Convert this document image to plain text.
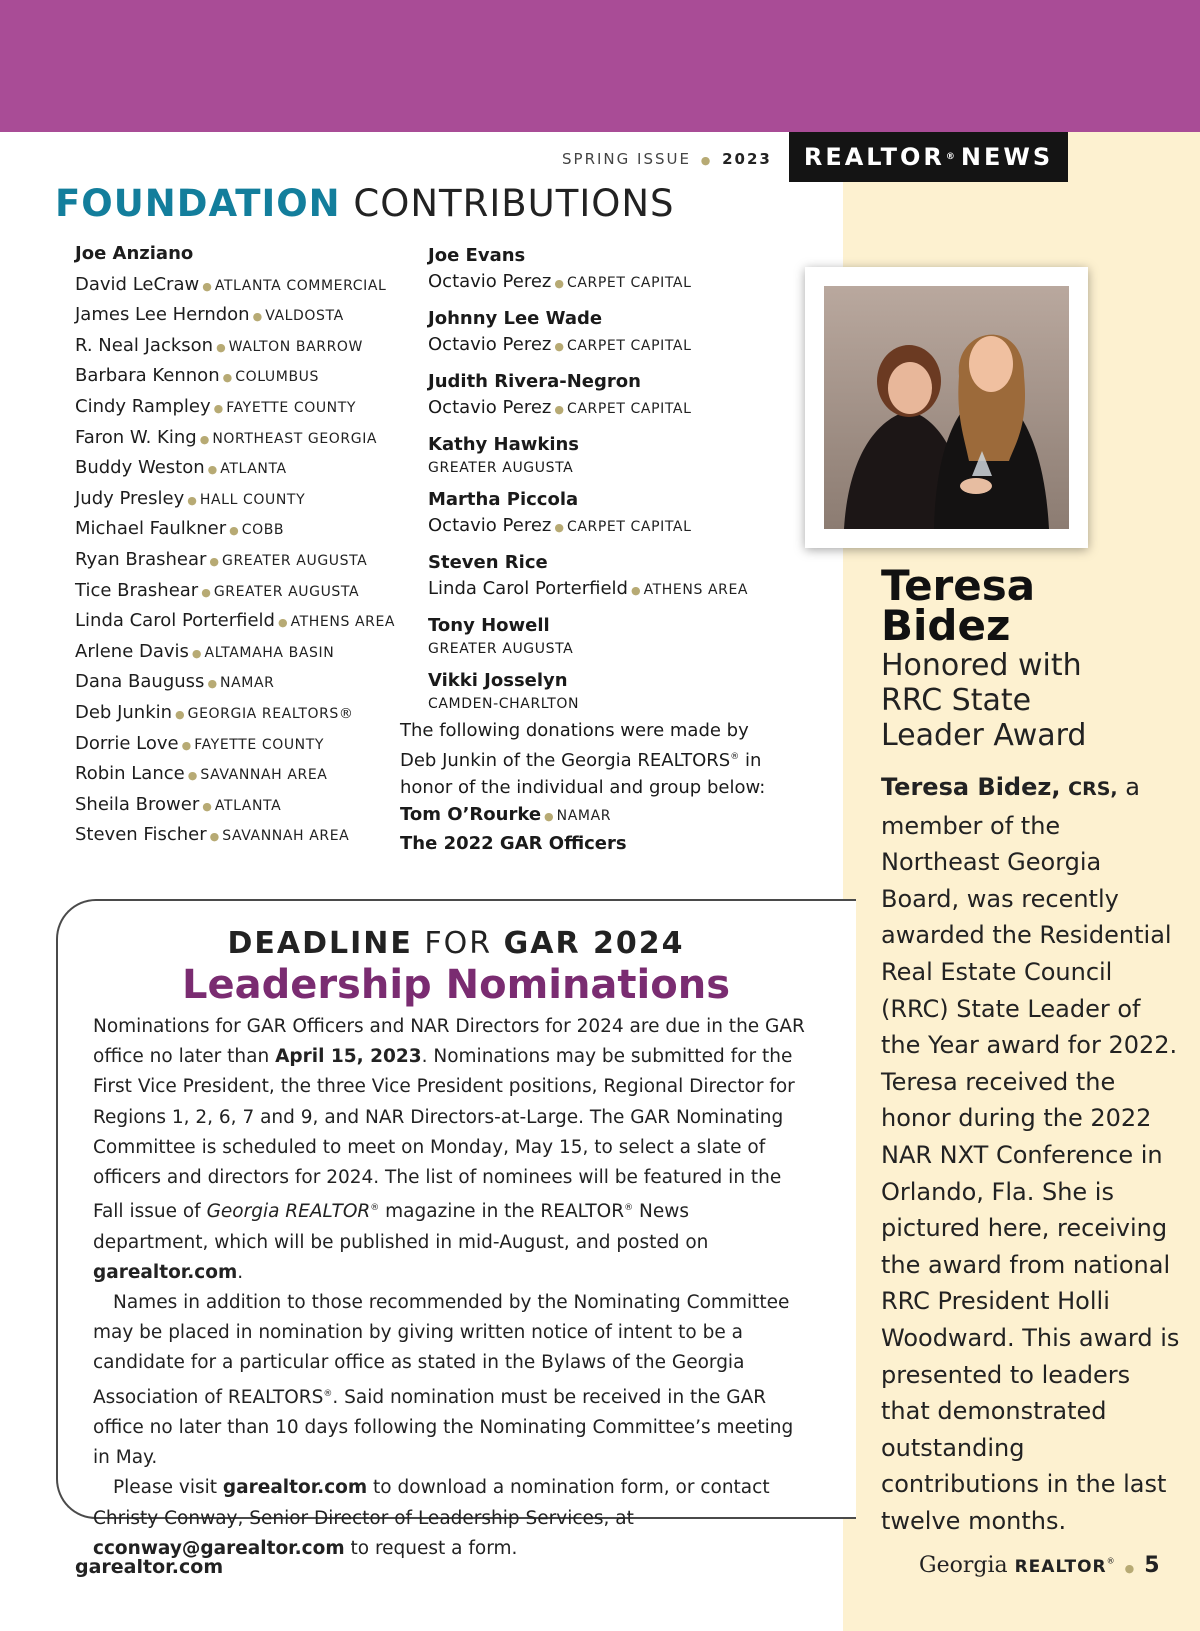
SPRING ISSUE ● 2023 REALTOR ® NEWS
FOUNDATION CONTRIBUTIONS
Joe Anziano
David LeCraw ● ATLANTA COMMERCIAL
James Lee Herndon ● VALDOSTA
R. Neal Jackson ● WALTON BARROW
Barbara Kennon ● COLUMBUS
Cindy Rampley ● FAYETTE COUNTY
Faron W. King ● NORTHEAST GEORGIA
Buddy Weston ● ATLANTA
Judy Presley ● HALL COUNTY
Michael Faulkner ● COBB
Ryan Brashear ● GREATER AUGUSTA
Tice Brashear ● GREATER AUGUSTA
Linda Carol Porterfield ● ATHENS AREA
Arlene Davis ● ALTAMAHA BASIN
Dana Bauguss ● NAMAR
Deb Junkin ● GEORGIA REALTORS®
Dorrie Love ● FAYETTE COUNTY
Robin Lance ● SAVANNAH AREA
Sheila Brower ● ATLANTA
Steven Fischer ● SAVANNAH AREA
Joe Evans
Octavio Perez ● CARPET CAPITAL
Johnny Lee Wade
Octavio Perez ● CARPET CAPITAL
Judith Rivera-Negron
Octavio Perez ● CARPET CAPITAL
Kathy Hawkins
GREATER AUGUSTA
Martha Piccola
Octavio Perez ● CARPET CAPITAL
Steven Rice
Linda Carol Porterfield ● ATHENS AREA
Tony Howell
GREATER AUGUSTA
Vikki Josselyn
CAMDEN-CHARLTON
The following donations were made by Deb Junkin of the Georgia REALTORS® in honor of the individual and group below:
Tom O’Rourke ● NAMAR
The 2022 GAR Officers
Teresa
Bidez
Honored with
RRC State
Leader Award
Teresa Bidez, CRS, a member of the Northeast Georgia Board, was recently awarded the Residential Real Estate Council (RRC) State Leader of the Year award for 2022. Teresa received the honor during the 2022 NAR NXT Conference in Orlando, Fla. She is pictured here, receiving the award from national RRC President Holli Woodward. This award is presented to leaders that demonstrated outstanding contributions in the last twelve months.
DEADLINE FOR GAR 2024
Leadership Nominations

Nominations for GAR Officers and NAR Directors for 2024 are due in the GAR office no later than April 15, 2023. Nominations may be submitted for the First Vice President, the three Vice President positions, Regional Director for Regions 1, 2, 6, 7 and 9, and NAR Directors-at-Large. The GAR Nominating Committee is scheduled to meet on Monday, May 15, to select a slate of officers and directors for 2024. The list of nominees will be featured in the Fall issue of Georgia REALTOR® magazine in the REALTOR® News department, which will be published in mid-August, and posted on garealtor.com.

Names in addition to those recommended by the Nominating Committee may be placed in nomination by giving written notice of intent to be a candidate for a particular office as stated in the Bylaws of the Georgia Association of REALTORS®. Said nomination must be received in the GAR office no later than 10 days following the Nominating Committee’s meeting in May.

Please visit garealtor.com to download a nomination form, or contact Christy Conway, Senior Director of Leadership Services, at cconway@garealtor.com to request a form.

garealtor.com	Georgia REALTOR® ● 5
